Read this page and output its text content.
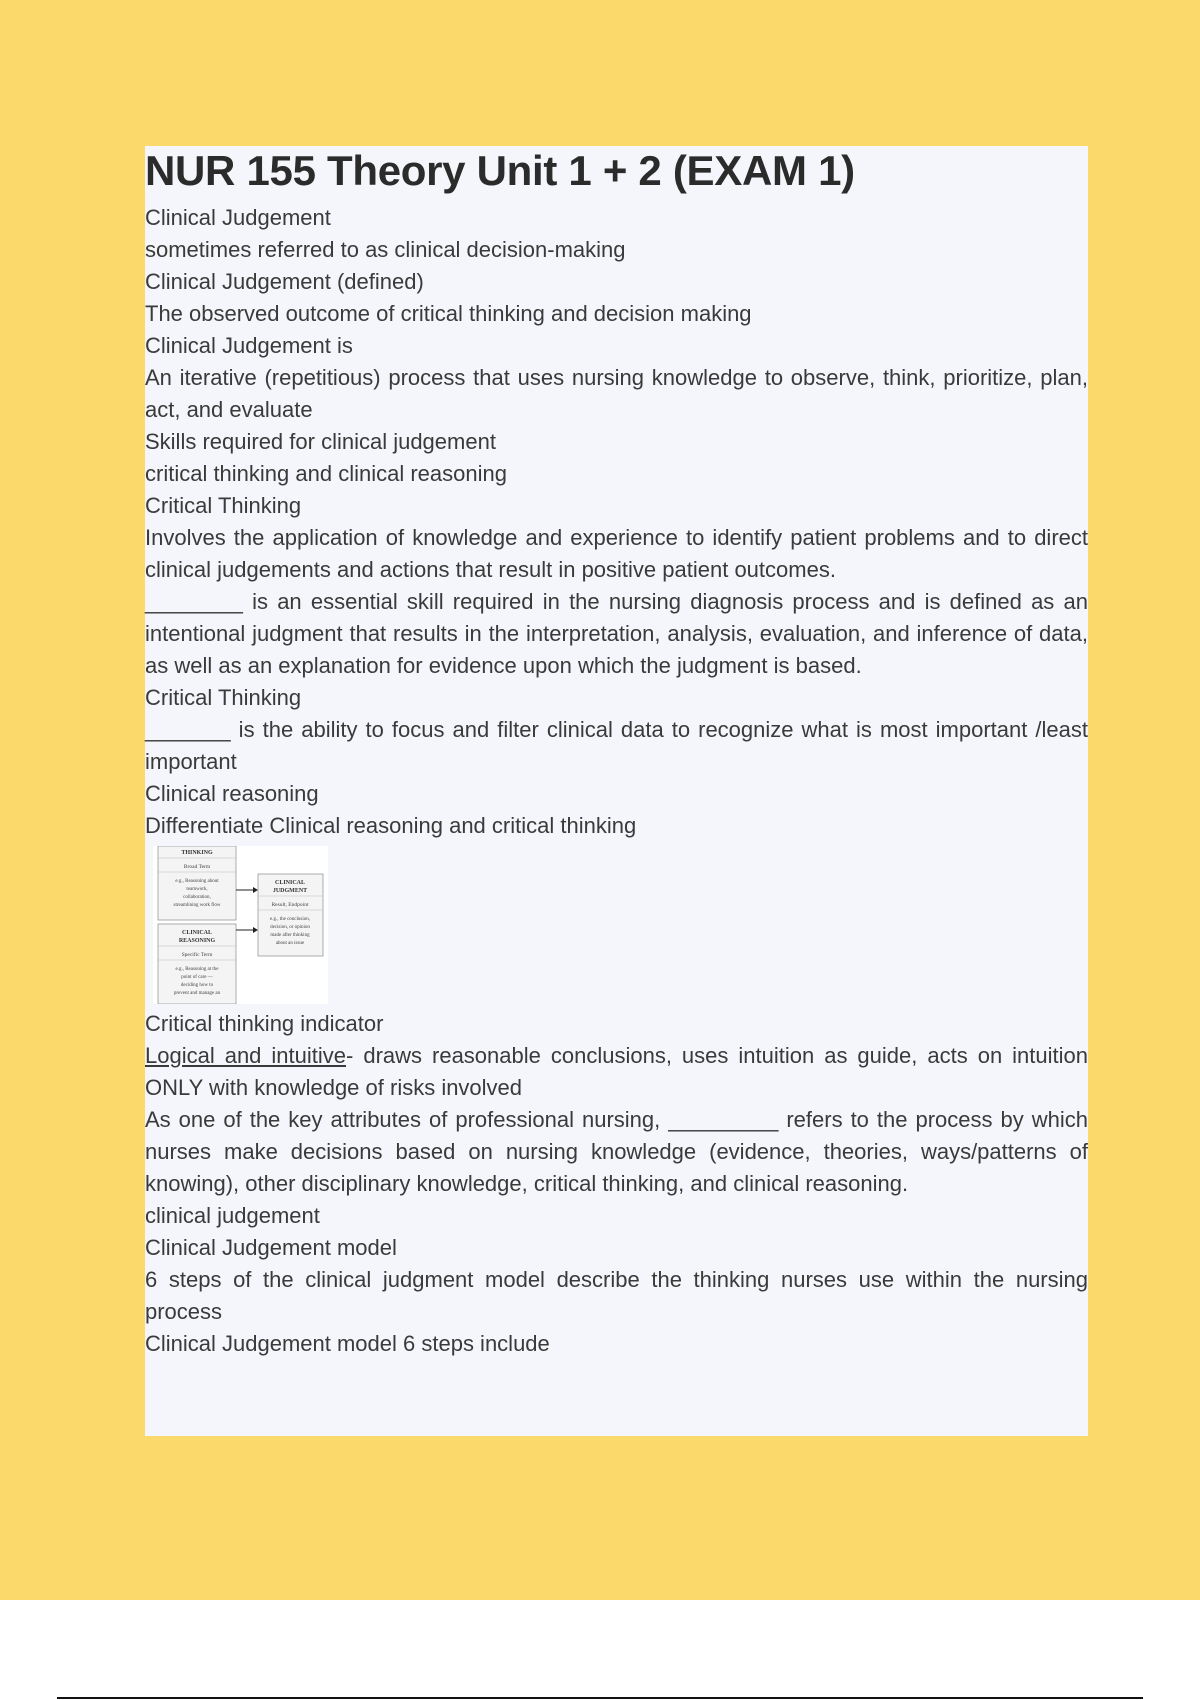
NUR 155 Theory Unit 1 + 2 (EXAM 1)
Clinical Judgement
sometimes referred to as clinical decision-making
Clinical Judgement (defined)
The observed outcome of critical thinking and decision making
Clinical Judgement is
An iterative (repetitious) process that uses nursing knowledge to observe, think, prioritize, plan, act, and evaluate
Skills required for clinical judgement
critical thinking and clinical reasoning
Critical Thinking
Involves the application of knowledge and experience to identify patient problems and to direct clinical judgements and actions that result in positive patient outcomes.
________ is an essential skill required in the nursing diagnosis process and is defined as an intentional judgment that results in the interpretation, analysis, evaluation, and inference of data, as well as an explanation for evidence upon which the judgment is based.
Critical Thinking
_______ is the ability to focus and filter clinical data to recognize what is most important /least important
Clinical reasoning
Differentiate Clinical reasoning and critical thinking
THINKING
Broad Term
e.g., Reasoning about
teamwork,
collaboration,
streamlining work flow
CLINICAL
REASONING
Specific Term
e.g., Reasoning at the
point of care —
deciding how to
prevent and manage an
CLINICAL
JUDGMENT
Result, Endpoint
e.g., the conclusion,
decision, or opinion
made after thinking
about an issue
Critical thinking indicator
Logical and intuitive- draws reasonable conclusions, uses intuition as guide, acts on intuition ONLY with knowledge of risks involved
As one of the key attributes of professional nursing, _________ refers to the process by which nurses make decisions based on nursing knowledge (evidence, theories, ways/patterns of knowing), other disciplinary knowledge, critical thinking, and clinical reasoning.
clinical judgement
Clinical Judgement model
6 steps of the clinical judgment model describe the thinking nurses use within the nursing process
Clinical Judgement model 6 steps include
